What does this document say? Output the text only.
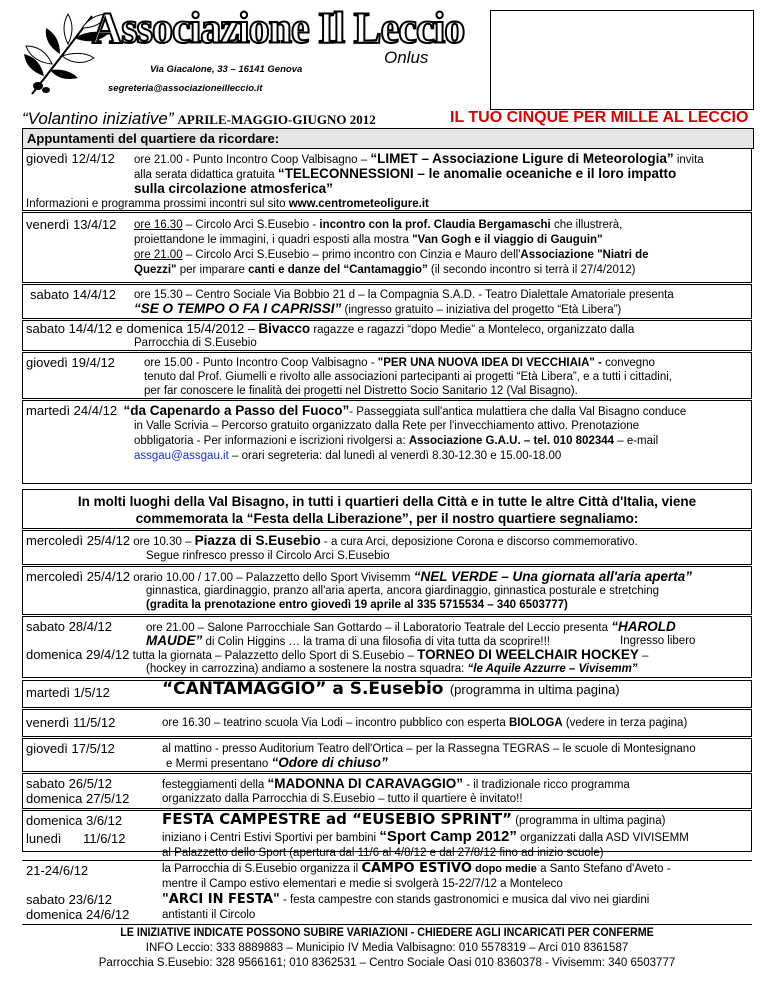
Associazione Il Leccio
Onlus
Via Giacalone, 33 – 16141 Genova
segreteria@associazioneilleccio.it
“Volantino iniziative” APRILE-MAGGIO-GIUGNO 2012	IL TUO CINQUE PER MILLE AL LECCIO
Appuntamenti del quartiere da ricordare:
giovedì 12/4/12 ore 21.00 - Punto Incontro Coop Valbisagno – “LIMET – Associazione Ligure di Meteorologia” invita
alla serata didattica gratuita “TELECONNESSIONI – le anomalie oceaniche e il loro impatto
sulla circolazione atmosferica”
Informazioni e programma prossimi incontri sul sito www.centrometeoligure.it
venerdì 13/4/12 ore 16.30 – Circolo Arci S.Eusebio - incontro con la prof. Claudia Bergamaschi che illustrerà,
proiettandone le immagini, i quadri esposti alla mostra "Van Gogh e il viaggio di Gauguin"
ore 21.00 – Circolo Arci S.Eusebio – primo incontro con Cinzia e Mauro dell'Associazione "Niatri de
Quezzi" per imparare canti e danze del “Cantamaggio” (il secondo incontro si terrà il 27/4/2012)
sabato 14/4/12 ore 15.30 – Centro Sociale Via Bobbio 21 d – la Compagnia S.A.D. - Teatro Dialettale Amatoriale presenta
“SE O TEMPO O FA I CAPRISSI” (ingresso gratuito – iniziativa del progetto “Età Libera”)
sabato 14/4/12 e domenica 15/4/2012 – Bivacco ragazze e ragazzi “dopo Medie” a Monteleco, organizzato dalla
Parrocchia di S.Eusebio
giovedì 19/4/12	ore 15.00 - Punto Incontro Coop Valbisagno - "PER UNA NUOVA IDEA DI VECCHIAIA" - convegno
tenuto dal Prof. Giumelli e rivolto alle associazioni partecipanti ai progetti “Età Libera”, e a tutti i cittadini,
per far conoscere le finalità dei progetti nel Distretto Socio Sanitario 12 (Val Bisagno).
martedì 24/4/12 “da Capenardo a Passo del Fuoco”- Passeggiata sull'antica mulattiera che dalla Val Bisagno conduce
in Valle Scrivia – Percorso gratuito organizzato dalla Rete per l'invecchiamento attivo. Prenotazione
obbligatoria - Per informazioni e iscrizioni rivolgersi a: Associazione G.A.U. – tel. 010 802344 – e-mail
assgau@assgau.it – orari segreteria: dal lunedì al venerdì 8.30-12.30 e 15.00-18.00
In molti luoghi della Val Bisagno, in tutti i quartieri della Città e in tutte le altre Città d'Italia, viene
commemorata la “Festa della Liberazione”, per il nostro quartiere segnaliamo:
mercoledì 25/4/12 ore 10.30 – Piazza di S.Eusebio - a cura Arci, deposizione Corona e discorso commemorativo.
Segue rinfresco presso il Circolo Arci S.Eusebio
mercoledì 25/4/12 orario 10.00 / 17.00 – Palazzetto dello Sport Vivisemm “NEL VERDE – Una giornata all'aria aperta”
ginnastica, giardinaggio, pranzo all'aria aperta, ancora giardinaggio, ginnastica posturale e stretching
(gradita la prenotazione entro giovedì 19 aprile al 335 5715534 – 340 6503777)
sabato 28/4/12	ore 21.00 – Salone Parrocchiale San Gottardo – il Laboratorio Teatrale del Leccio presenta “HAROLD
MAUDE” di Colin Higgins … la trama di una filosofia di vita tutta da scoprire!!!	Ingresso libero
domenica 29/4/12 tutta la giornata – Palazzetto dello Sport di S.Eusebio – TORNEO DI WEELCHAIR HOCKEY –
(hockey in carrozzina) andiamo a sostenere la nostra squadra: “le Aquile Azzurre – Vivisemm”
martedì 1/5/12	“CANTAMAGGIO” a S.Eusebio (programma in ultima pagina)
venerdì 11/5/12	ore 16.30 – teatrino scuola Via Lodi – incontro pubblico con esperta BIOLOGA (vedere in terza pagina)
giovedì 17/5/12	al mattino - presso Auditorium Teatro dell'Ortica – per la Rassegna TEGRAS – le scuole di Montesignano
e Mermi presentano “Odore di chiuso”
sabato 26/5/12
domenica 27/5/12
festeggiamenti della “MADONNA DI CARAVAGGIO” - il tradizionale ricco programma
organizzato dalla Parrocchia di S.Eusebio – tutto il quartiere è invitato!!
domenica 3/6/12	FESTA CAMPESTRE ad “EUSEBIO SPRINT” (programma in ultima pagina)
lunedì      11/6/12	iniziano i Centri Estivi Sportivi per bambini “Sport Camp 2012” organizzati dalla ASD VIVISEMM
al Palazzetto dello Sport (apertura dal 11/6 al 4/8/12 e dal 27/8/12 fino ad inizio scuole)
21-24/6/12	la Parrocchia di S.Eusebio organizza il CAMPO ESTIVO dopo medie a Santo Stefano d'Aveto -
mentre il Campo estivo elementari e medie si svolgerà 15-22/7/12 a Monteleco
sabato 23/6/12
domenica 24/6/12
"ARCI IN FESTA" - festa campestre con stands gastronomici e musica dal vivo nei giardini
antistanti il Circolo
LE INIZIATIVE INDICATE POSSONO SUBIRE VARIAZIONI - CHIEDERE AGLI INCARICATI PER CONFERME
INFO Leccio: 333 8889883 – Municipio IV Media Valbisagno: 010 5578319 – Arci 010 8361587
Parrocchia S.Eusebio: 328 9566161; 010 8362531 – Centro Sociale Oasi 010 8360378 - Vivisemm: 340 6503777
